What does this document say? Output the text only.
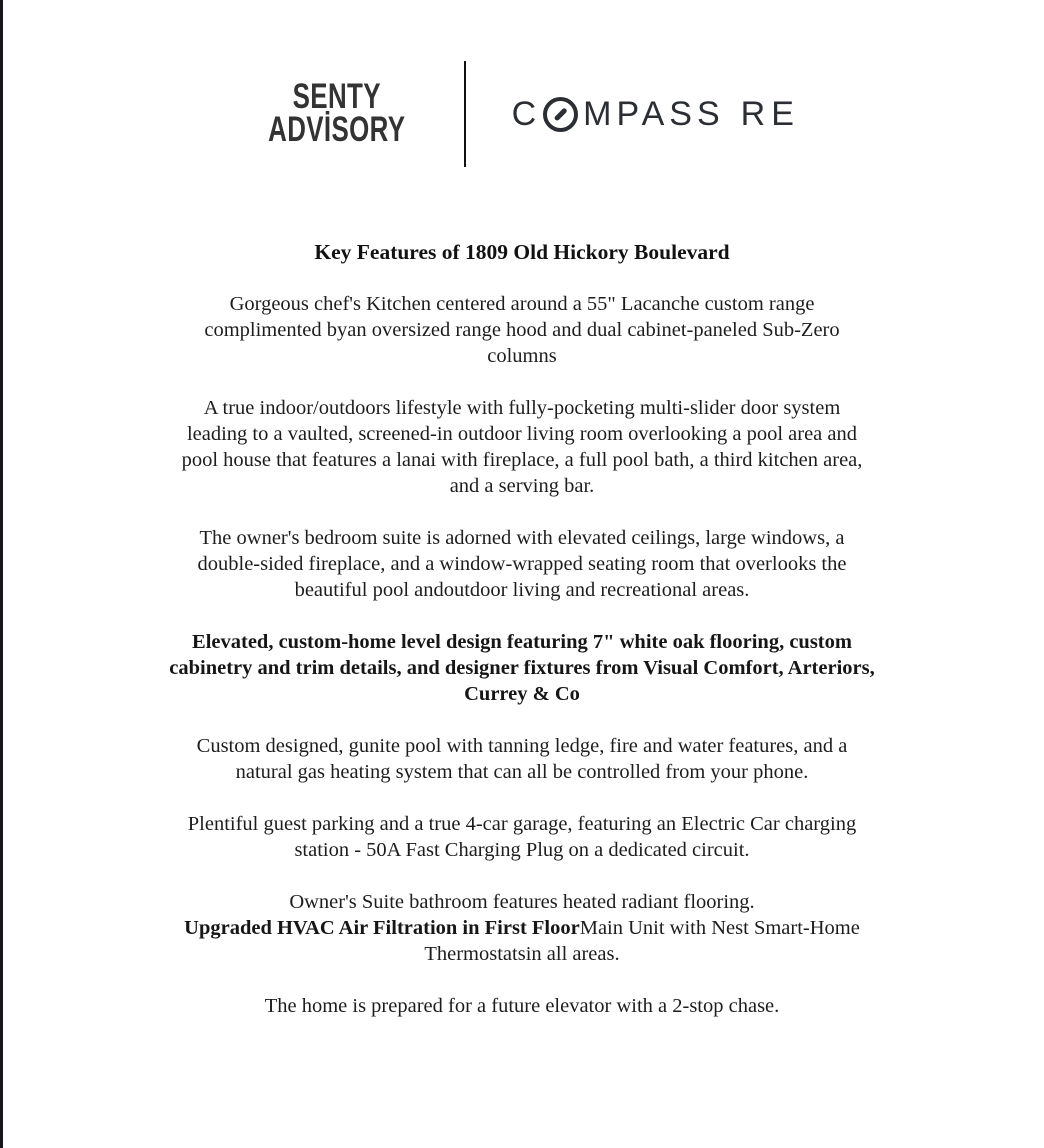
SENTY
ADVİSORY	C MPASS RE
Key Features of 1809 Old Hickory Boulevard

Gorgeous chef's Kitchen centered around a 55" Lacanche custom range
complimented byan oversized range hood and dual cabinet-paneled Sub-Zero
columns

A true indoor/outdoors lifestyle with fully-pocketing multi-slider door system
leading to a vaulted, screened-in outdoor living room overlooking a pool area and
pool house that features a lanai with fireplace, a full pool bath, a third kitchen area,
and a serving bar.

The owner's bedroom suite is adorned with elevated ceilings, large windows, a
double-sided fireplace, and a window-wrapped seating room that overlooks the
beautiful pool andoutdoor living and recreational areas.

Elevated, custom-home level design featuring 7" white oak flooring, custom
cabinetry and trim details, and designer fixtures from Visual Comfort, Arteriors,
Currey & Co

Custom designed, gunite pool with tanning ledge, fire and water features, and a
natural gas heating system that can all be controlled from your phone.

Plentiful guest parking and a true 4-car garage, featuring an Electric Car charging
station - 50A Fast Charging Plug on a dedicated circuit.

Owner's Suite bathroom features heated radiant flooring.
Upgraded HVAC Air Filtration in First FloorMain Unit with Nest Smart-Home
Thermostatsin all areas.

The home is prepared for a future elevator with a 2-stop chase.
